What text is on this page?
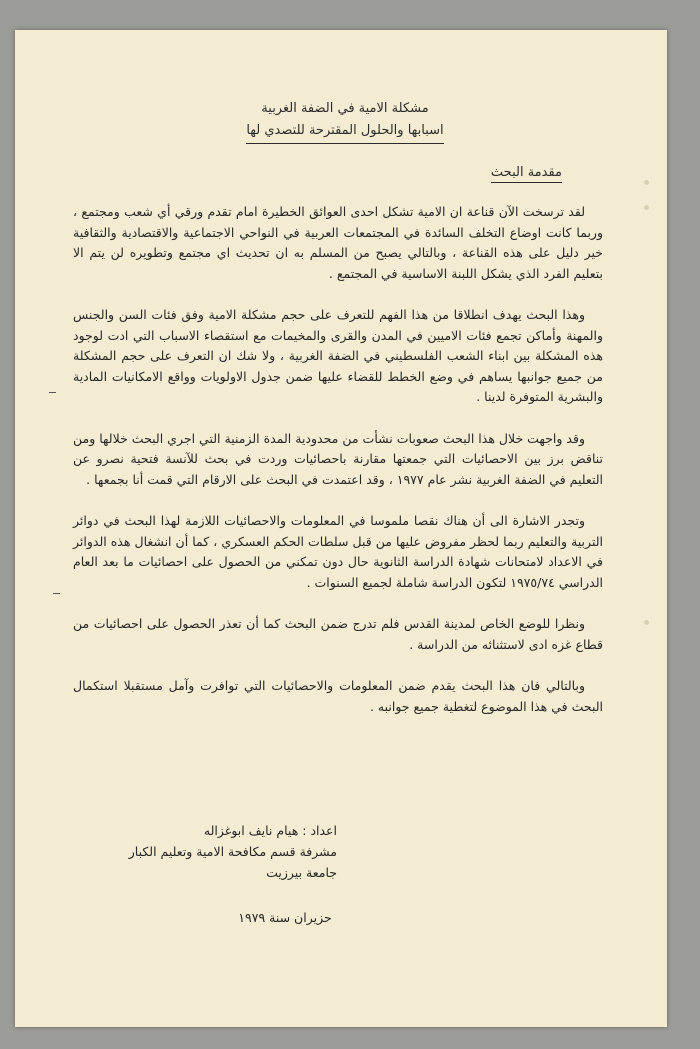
مشكلة الامية في الضفة الغربية
اسبابها والحلول المقترحة للتصدي لها
مقدمة البحث

لقد ترسخت الآن قناعة ان الامية تشكل احدى العوائق الخطيرة امام تقدم ورقي أي شعب ومجتمع ، وربما كانت اوضاع التخلف السائدة في المجتمعات العربية في النواحي الاجتماعية والاقتصادية والثقافية خير دليل على هذه القناعة ، وبالتالي يصبح من المسلم به ان تحديث اي مجتمع وتطويره لن يتم الا بتعليم الفرد الذي يشكل اللبنة الاساسية في المجتمع .

وهذا البحث يهدف انطلاقا من هذا الفهم للتعرف على حجم مشكلة الامية وفق فئات السن والجنس والمهنة وأماكن تجمع فئات الاميين في المدن والقرى والمخيمات مع استقصاء الاسباب التي ادت لوجود هذه المشكلة بين ابناء الشعب الفلسطيني في الضفة الغربية ، ولا شك ان التعرف على حجم المشكلة من جميع جوانبها يساهم في وضع الخطط للقضاء عليها ضمن جدول الاولويات وواقع الامكانيات المادية والبشرية المتوفرة لدينا .

وقد واجهت خلال هذا البحث صعوبات نشأت من محدودية المدة الزمنية التي اجري البحث خلالها ومن تناقض برز بين الاحصائيات التي جمعتها مقارنة باحصائيات وردت في بحث للآنسة فتحية نصرو عن التعليم في الضفة الغربية نشر عام ١٩٧٧ ، وقد اعتمدت في البحث على الارقام التي قمت أنا بجمعها .

وتجدر الاشارة الى أن هناك نقصا ملموسا في المعلومات والاحصائيات اللازمة لهذا البحث في دوائر التربية والتعليم ربما لحظر مفروض عليها من قبل سلطات الحكم العسكري ، كما أن انشغال هذه الدوائر في الاعداد لامتحانات شهادة الدراسة الثانوية حال دون تمكني من الحصول على احصائيات ما بعد العام الدراسي ١٩٧٥/٧٤ لتكون الدراسة شاملة لجميع السنوات .

ونظرا للوضع الخاص لمدينة القدس فلم تدرج ضمن البحث كما أن تعذر الحصول على احصائيات من قطاع غزه ادى لاستثنائه من الدراسة .

وبالتالي فان هذا البحث يقدم ضمن المعلومات والاحصائيات التي توافرت وآمل مستقبلا استكمال البحث في هذا الموضوع لتغطية جميع جوانبه .

اعداد : هيام نايف ابوغزاله
مشرفة قسم مكافحة الامية وتعليم الكبار
جامعة بيرزيت
حزيران سنة ١٩٧٩
